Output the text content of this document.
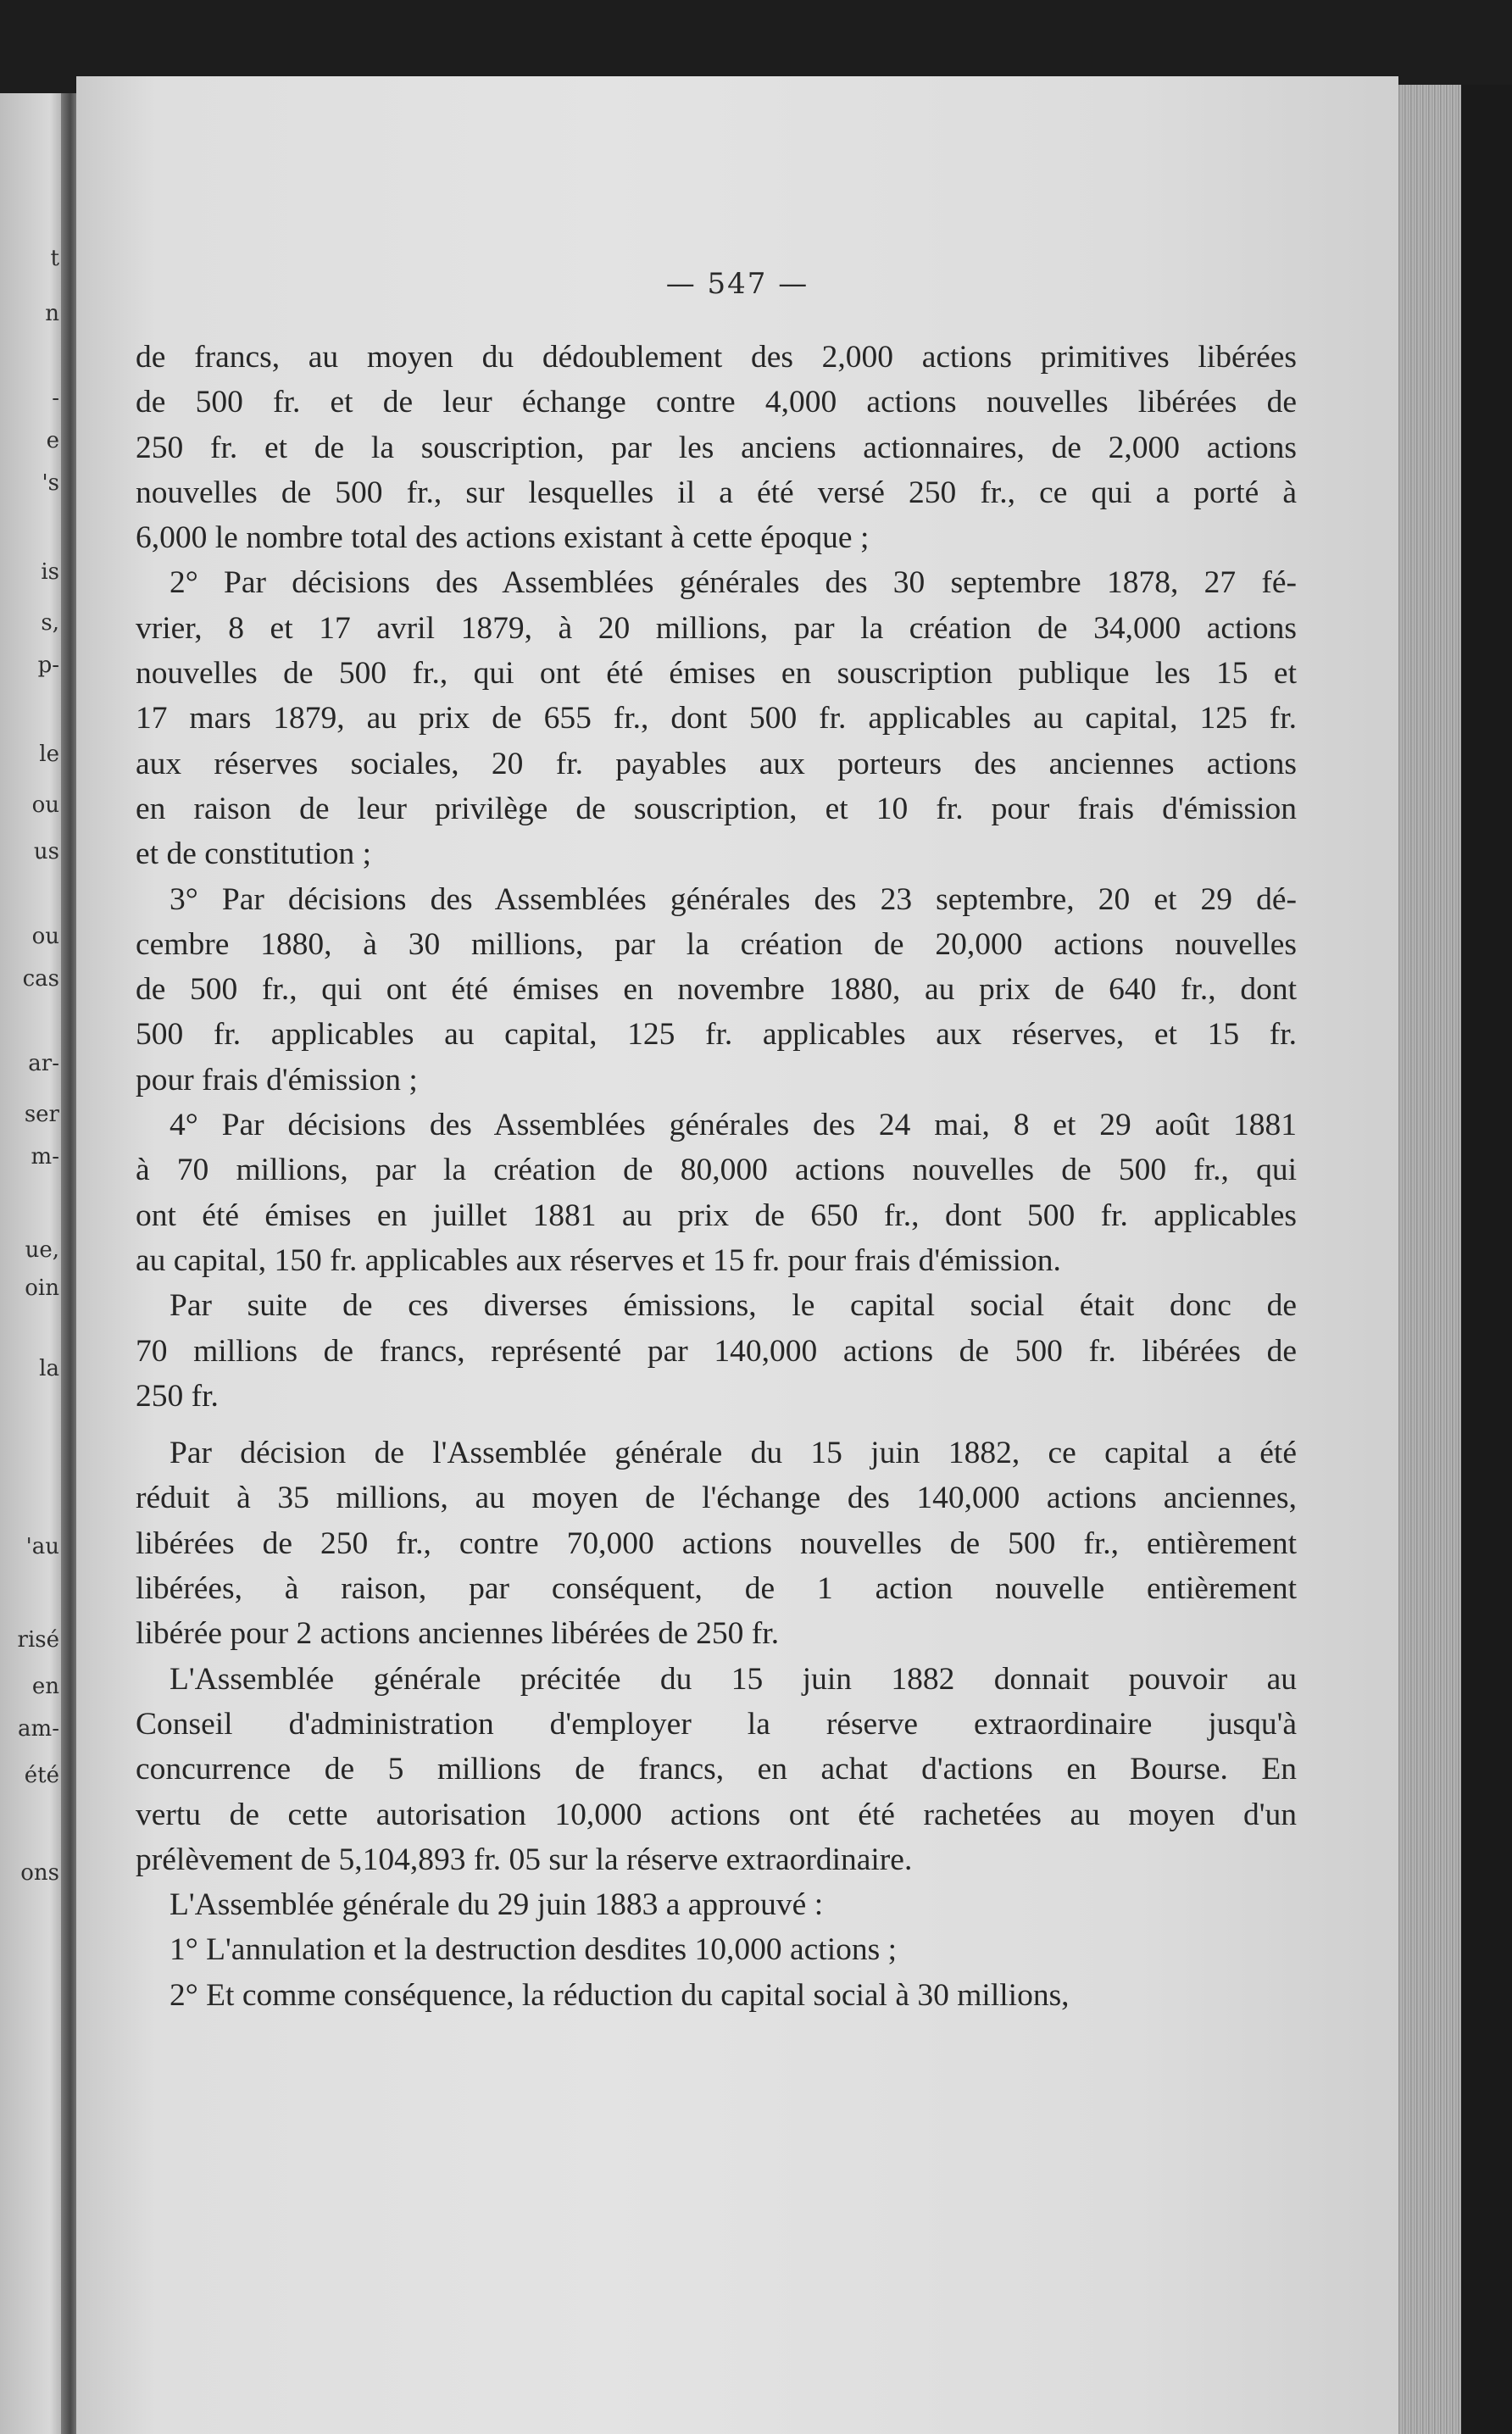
t
n
-
e
's
is
s,
p-
le
ou
us
ou
cas
ar-
ser
m-
ue,
oin
la
'au
risé
en
am-
été
ons
— 547 —
de francs, au moyen du dédoublement des 2,000 actions primitives libérées
de 500 fr. et de leur échange contre 4,000 actions nouvelles libérées de
250 fr. et de la souscription, par les anciens actionnaires, de 2,000 actions
nouvelles de 500 fr., sur lesquelles il a été versé 250 fr., ce qui a porté à
6,000 le nombre total des actions existant à cette époque ;
2° Par décisions des Assemblées générales des 30 septembre 1878, 27 fé-
vrier, 8 et 17 avril 1879, à 20 millions, par la création de 34,000 actions
nouvelles de 500 fr., qui ont été émises en souscription publique les 15 et
17 mars 1879, au prix de 655 fr., dont 500 fr. applicables au capital, 125 fr.
aux réserves sociales, 20 fr. payables aux porteurs des anciennes actions
en raison de leur privilège de souscription, et 10 fr. pour frais d'émission
et de constitution ;
3° Par décisions des Assemblées générales des 23 septembre, 20 et 29 dé-
cembre 1880, à 30 millions, par la création de 20,000 actions nouvelles
de 500 fr., qui ont été émises en novembre 1880, au prix de 640 fr., dont
500 fr. applicables au capital, 125 fr. applicables aux réserves, et 15 fr.
pour frais d'émission ;
4° Par décisions des Assemblées générales des 24 mai, 8 et 29 août 1881
à 70 millions, par la création de 80,000 actions nouvelles de 500 fr., qui
ont été émises en juillet 1881 au prix de 650 fr., dont 500 fr. applicables
au capital, 150 fr. applicables aux réserves et 15 fr. pour frais d'émission.
Par suite de ces diverses émissions, le capital social était donc de
70 millions de francs, représenté par 140,000 actions de 500 fr. libérées de
250 fr.
Par décision de l'Assemblée générale du 15 juin 1882, ce capital a été
réduit à 35 millions, au moyen de l'échange des 140,000 actions anciennes,
libérées de 250 fr., contre 70,000 actions nouvelles de 500 fr., entièrement
libérées, à raison, par conséquent, de 1 action nouvelle entièrement
libérée pour 2 actions anciennes libérées de 250 fr.
L'Assemblée générale précitée du 15 juin 1882 donnait pouvoir au
Conseil d'administration d'employer la réserve extraordinaire jusqu'à
concurrence de 5 millions de francs, en achat d'actions en Bourse. En
vertu de cette autorisation 10,000 actions ont été rachetées au moyen d'un
prélèvement de 5,104,893 fr. 05 sur la réserve extraordinaire.
L'Assemblée générale du 29 juin 1883 a approuvé :
1° L'annulation et la destruction desdites 10,000 actions ;
2° Et comme conséquence, la réduction du capital social à 30 millions,
